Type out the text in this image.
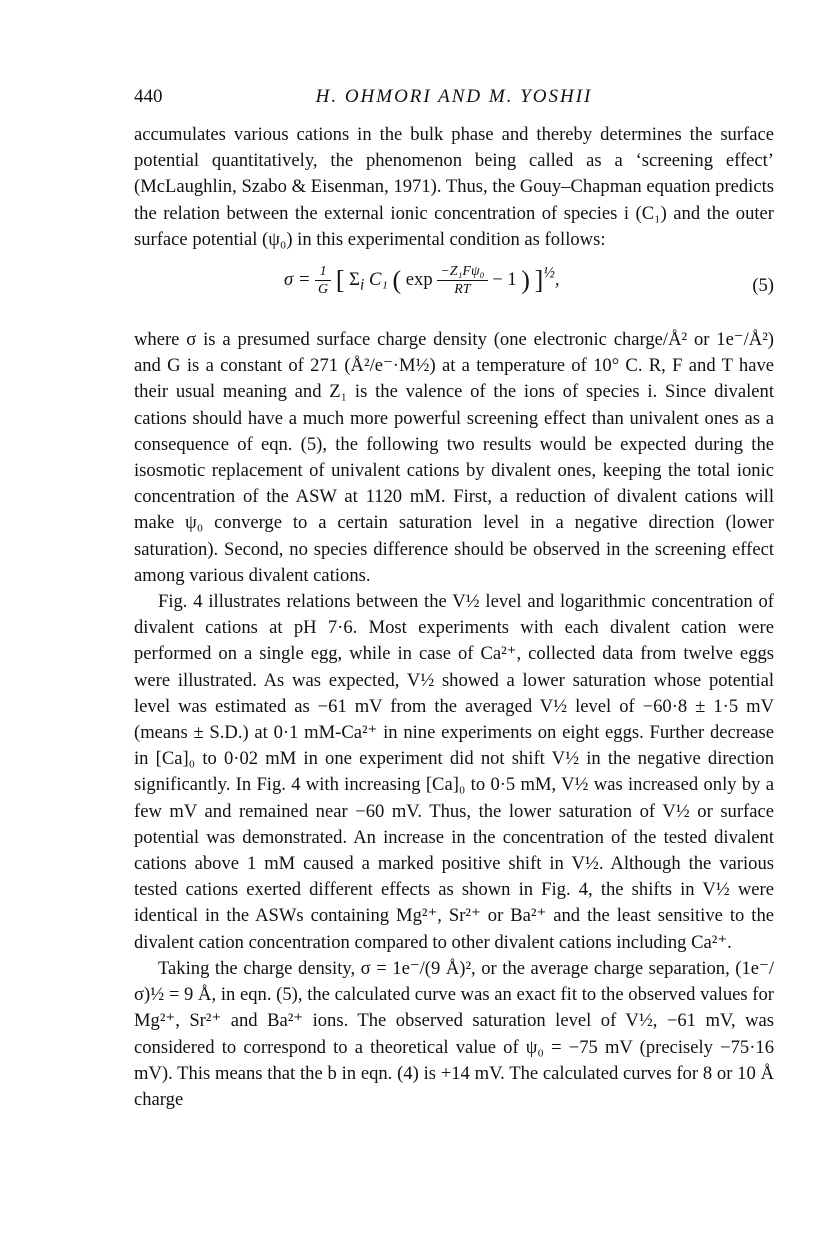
440	H. OHMORI AND M. YOSHII

accumulates various cations in the bulk phase and thereby determines the surface potential quantitatively, the phenomenon being called as a ‘screening effect’ (McLaughlin, Szabo & Eisenman, 1971). Thus, the Gouy–Chapman equation predicts the relation between the external ionic concentration of species i (C₁) and the outer surface potential (ψ₀) in this experimental condition as follows:

$\sigma = \frac{1}{G}$ [ $\Sigma_i$ C₁ ( $\exp \frac{\text{−Z₁Fψ₀}}{RT} - 1$ ) ]$^{\frac{1}{2}}$,	(5)

where σ is a presumed surface charge density (one electronic charge/Å² or 1e⁻/Å²) and G is a constant of 271 (Å²/e⁻·M½) at a temperature of 10° C. R, F and T have their usual meaning and Z₁ is the valence of the ions of species i. Since divalent cations should have a much more powerful screening effect than univalent ones as a consequence of eqn. (5), the following two results would be expected during the isosmotic replacement of univalent cations by divalent ones, keeping the total ionic concentration of the ASW at 1120 mM. First, a reduction of divalent cations will make ψ₀ converge to a certain saturation level in a negative direction (lower saturation). Second, no species difference should be observed in the screening effect among various divalent cations.

Fig. 4 illustrates relations between the V½ level and logarithmic concentration of divalent cations at pH 7·6. Most experiments with each divalent cation were performed on a single egg, while in case of Ca²⁺, collected data from twelve eggs were illustrated. As was expected, V½ showed a lower saturation whose potential level was estimated as −61 mV from the averaged V½ level of −60·8 ± 1·5 mV (means ± S.D.) at 0·1 mM-Ca²⁺ in nine experiments on eight eggs. Further decrease in [Ca]₀ to 0·02 mM in one experiment did not shift V½ in the negative direction significantly. In Fig. 4 with increasing [Ca]₀ to 0·5 mM, V½ was increased only by a few mV and remained near −60 mV. Thus, the lower saturation of V½ or surface potential was demonstrated. An increase in the concentration of the tested divalent cations above 1 mM caused a marked positive shift in V½. Although the various tested cations exerted different effects as shown in Fig. 4, the shifts in V½ were identical in the ASWs containing Mg²⁺, Sr²⁺ or Ba²⁺ and the least sensitive to the divalent cation concentration compared to other divalent cations including Ca²⁺.

Taking the charge density, σ = 1e⁻/(9 Å)², or the average charge separation, (1e⁻/σ)½ = 9 Å, in eqn. (5), the calculated curve was an exact fit to the observed values for Mg²⁺, Sr²⁺ and Ba²⁺ ions. The observed saturation level of V½, −61 mV, was considered to correspond to a theoretical value of ψ₀ = −75 mV (precisely −75·16 mV). This means that the b in eqn. (4) is +14 mV. The calculated curves for 8 or 10 Å charge
